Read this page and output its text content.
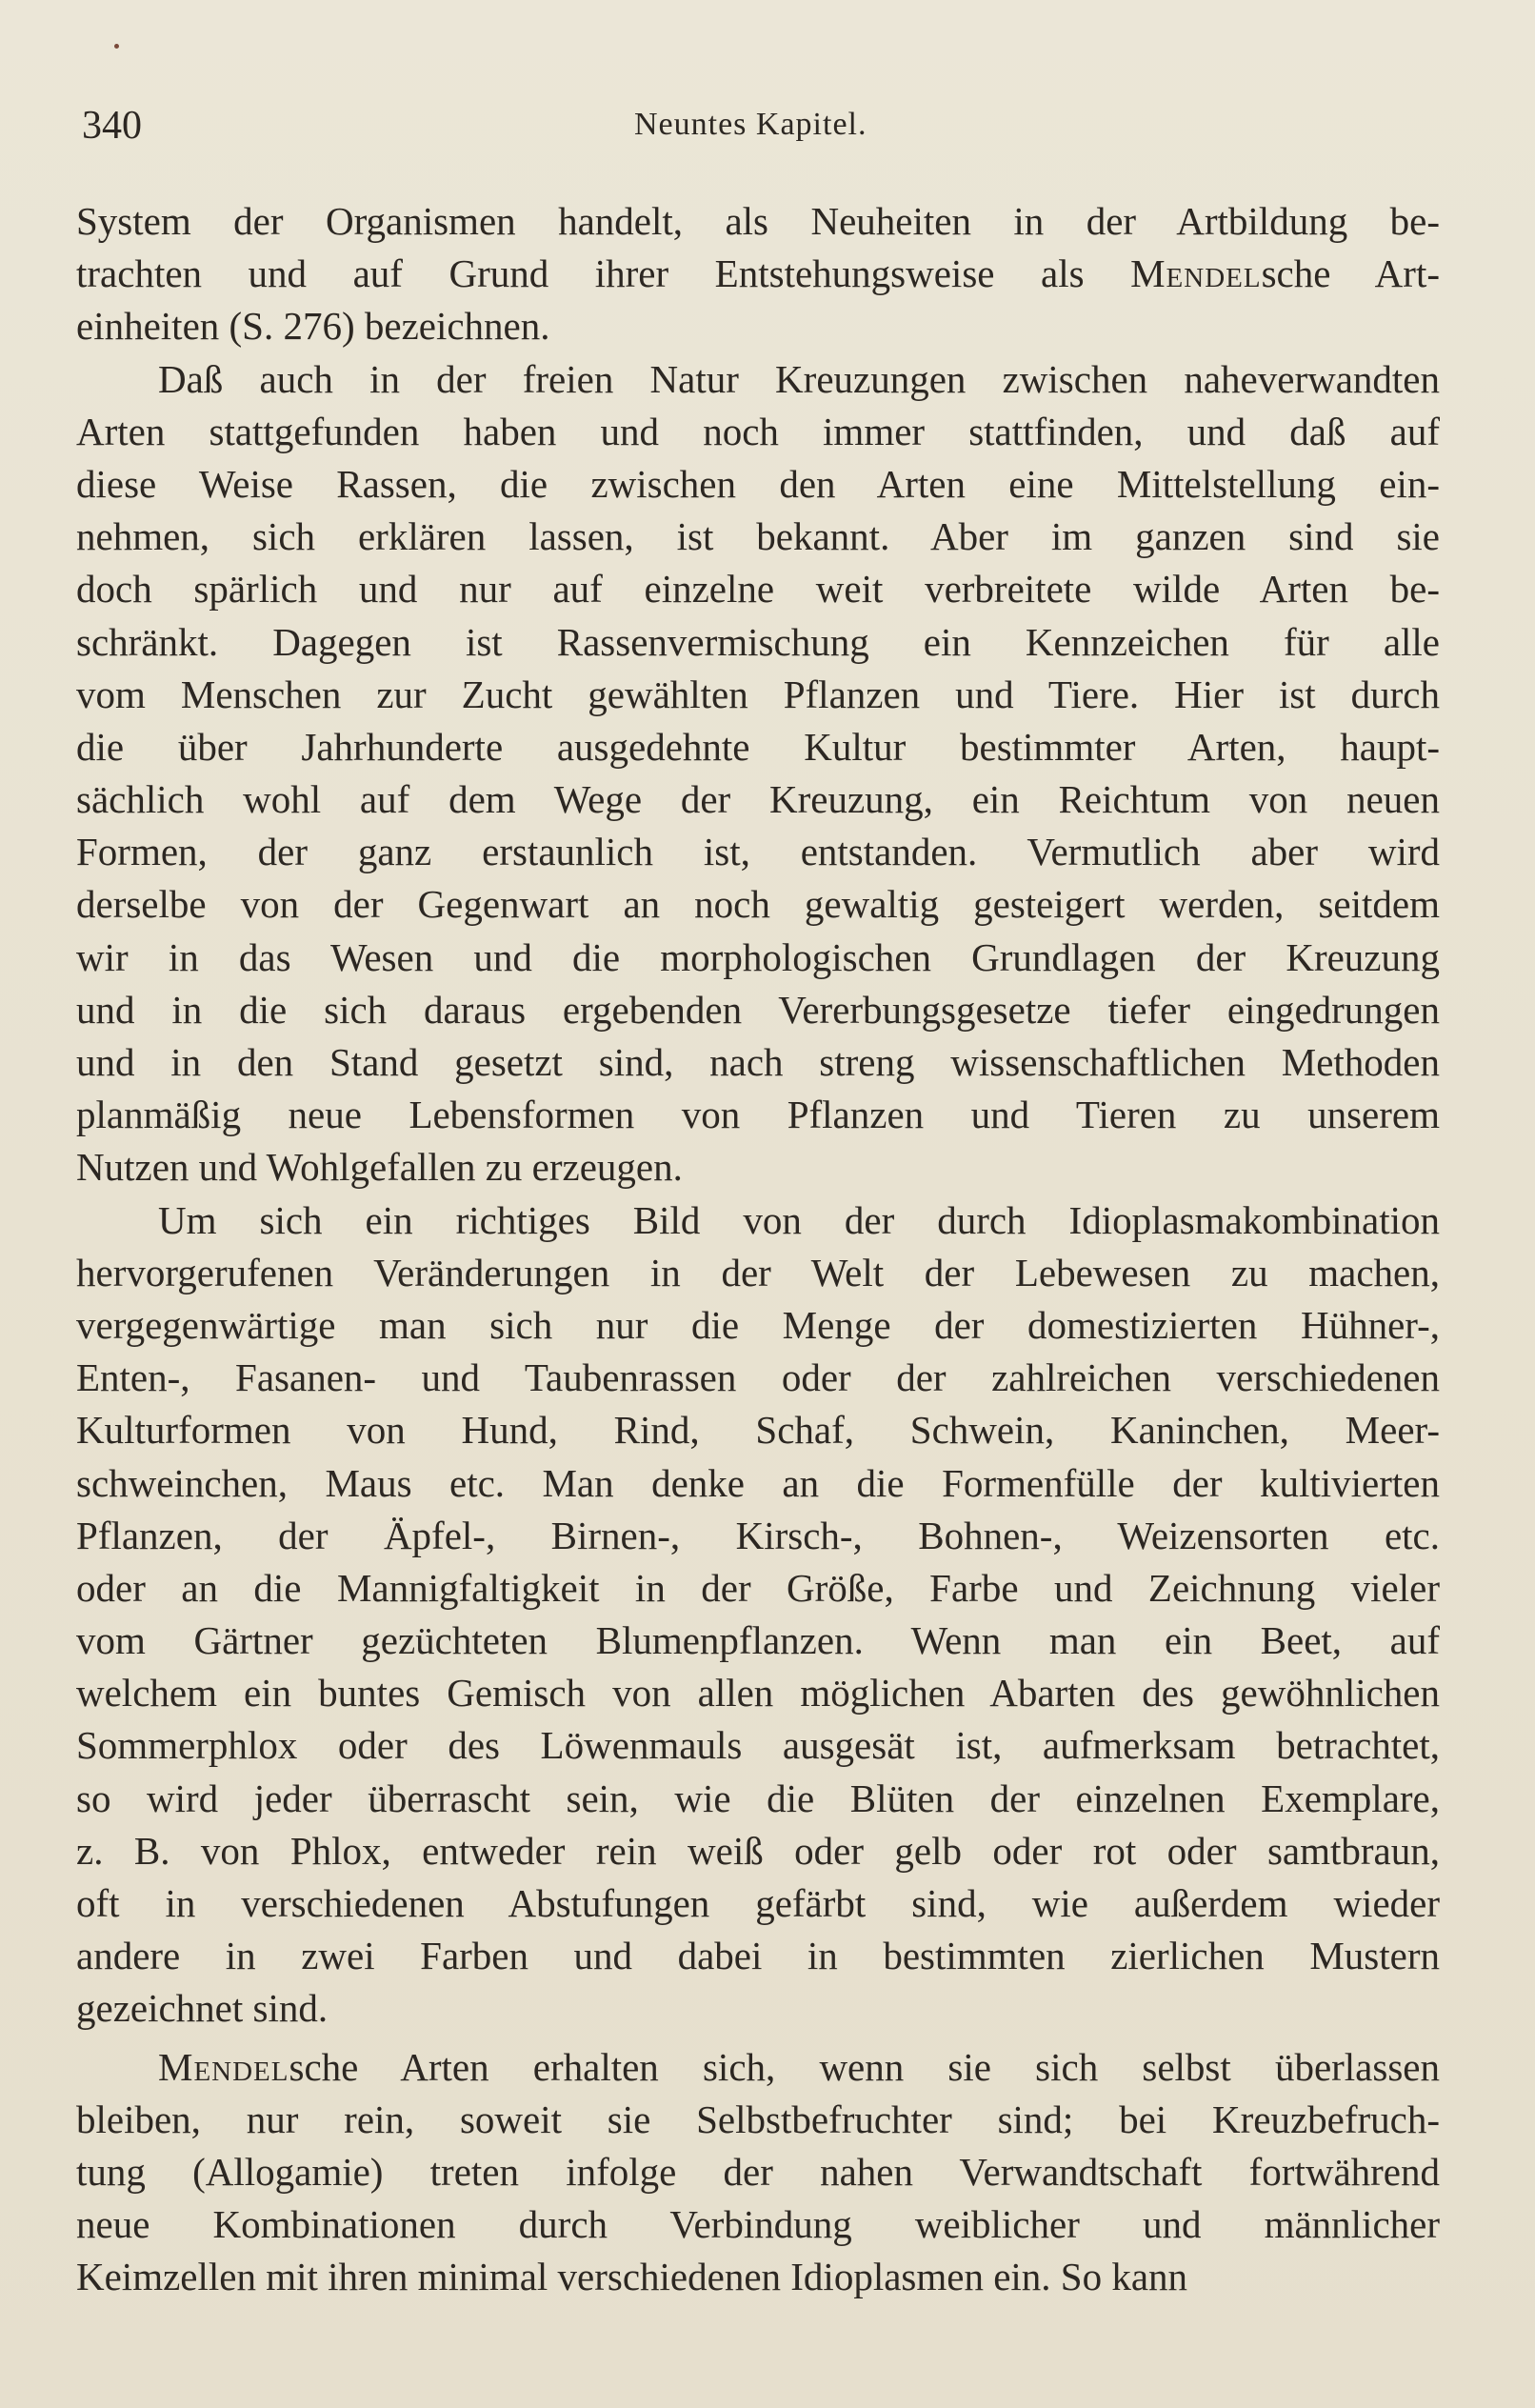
340	Neuntes Kapitel.
System der Organismen handelt, als Neuheiten in der Artbildung be-
trachten und auf Grund ihrer Entstehungsweise als Mendelsche Art-
einheiten (S. 276) bezeichnen.
Daß auch in der freien Natur Kreuzungen zwischen naheverwandten
Arten stattgefunden haben und noch immer stattfinden, und daß auf
diese Weise Rassen, die zwischen den Arten eine Mittelstellung ein-
nehmen, sich erklären lassen, ist bekannt. Aber im ganzen sind sie
doch spärlich und nur auf einzelne weit verbreitete wilde Arten be-
schränkt. Dagegen ist Rassenvermischung ein Kennzeichen für alle
vom Menschen zur Zucht gewählten Pflanzen und Tiere. Hier ist durch
die über Jahrhunderte ausgedehnte Kultur bestimmter Arten, haupt-
sächlich wohl auf dem Wege der Kreuzung, ein Reichtum von neuen
Formen, der ganz erstaunlich ist, entstanden. Vermutlich aber wird
derselbe von der Gegenwart an noch gewaltig gesteigert werden, seitdem
wir in das Wesen und die morphologischen Grundlagen der Kreuzung
und in die sich daraus ergebenden Vererbungsgesetze tiefer eingedrungen
und in den Stand gesetzt sind, nach streng wissenschaftlichen Methoden
planmäßig neue Lebensformen von Pflanzen und Tieren zu unserem
Nutzen und Wohlgefallen zu erzeugen.
Um sich ein richtiges Bild von der durch Idioplasmakombination
hervorgerufenen Veränderungen in der Welt der Lebewesen zu machen,
vergegenwärtige man sich nur die Menge der domestizierten Hühner-,
Enten-, Fasanen- und Taubenrassen oder der zahlreichen verschiedenen
Kulturformen von Hund, Rind, Schaf, Schwein, Kaninchen, Meer-
schweinchen, Maus etc. Man denke an die Formenfülle der kultivierten
Pflanzen, der Äpfel-, Birnen-, Kirsch-, Bohnen-, Weizensorten etc.
oder an die Mannigfaltigkeit in der Größe, Farbe und Zeichnung vieler
vom Gärtner gezüchteten Blumenpflanzen. Wenn man ein Beet, auf
welchem ein buntes Gemisch von allen möglichen Abarten des gewöhnlichen
Sommerphlox oder des Löwenmauls ausgesät ist, aufmerksam betrachtet,
so wird jeder überrascht sein, wie die Blüten der einzelnen Exemplare,
z. B. von Phlox, entweder rein weiß oder gelb oder rot oder samtbraun,
oft in verschiedenen Abstufungen gefärbt sind, wie außerdem wieder
andere in zwei Farben und dabei in bestimmten zierlichen Mustern
gezeichnet sind.
Mendelsche Arten erhalten sich, wenn sie sich selbst überlassen
bleiben, nur rein, soweit sie Selbstbefruchter sind; bei Kreuzbefruch-
tung (Allogamie) treten infolge der nahen Verwandtschaft fortwährend
neue Kombinationen durch Verbindung weiblicher und männlicher
Keimzellen mit ihren minimal verschiedenen Idioplasmen ein. So kann
